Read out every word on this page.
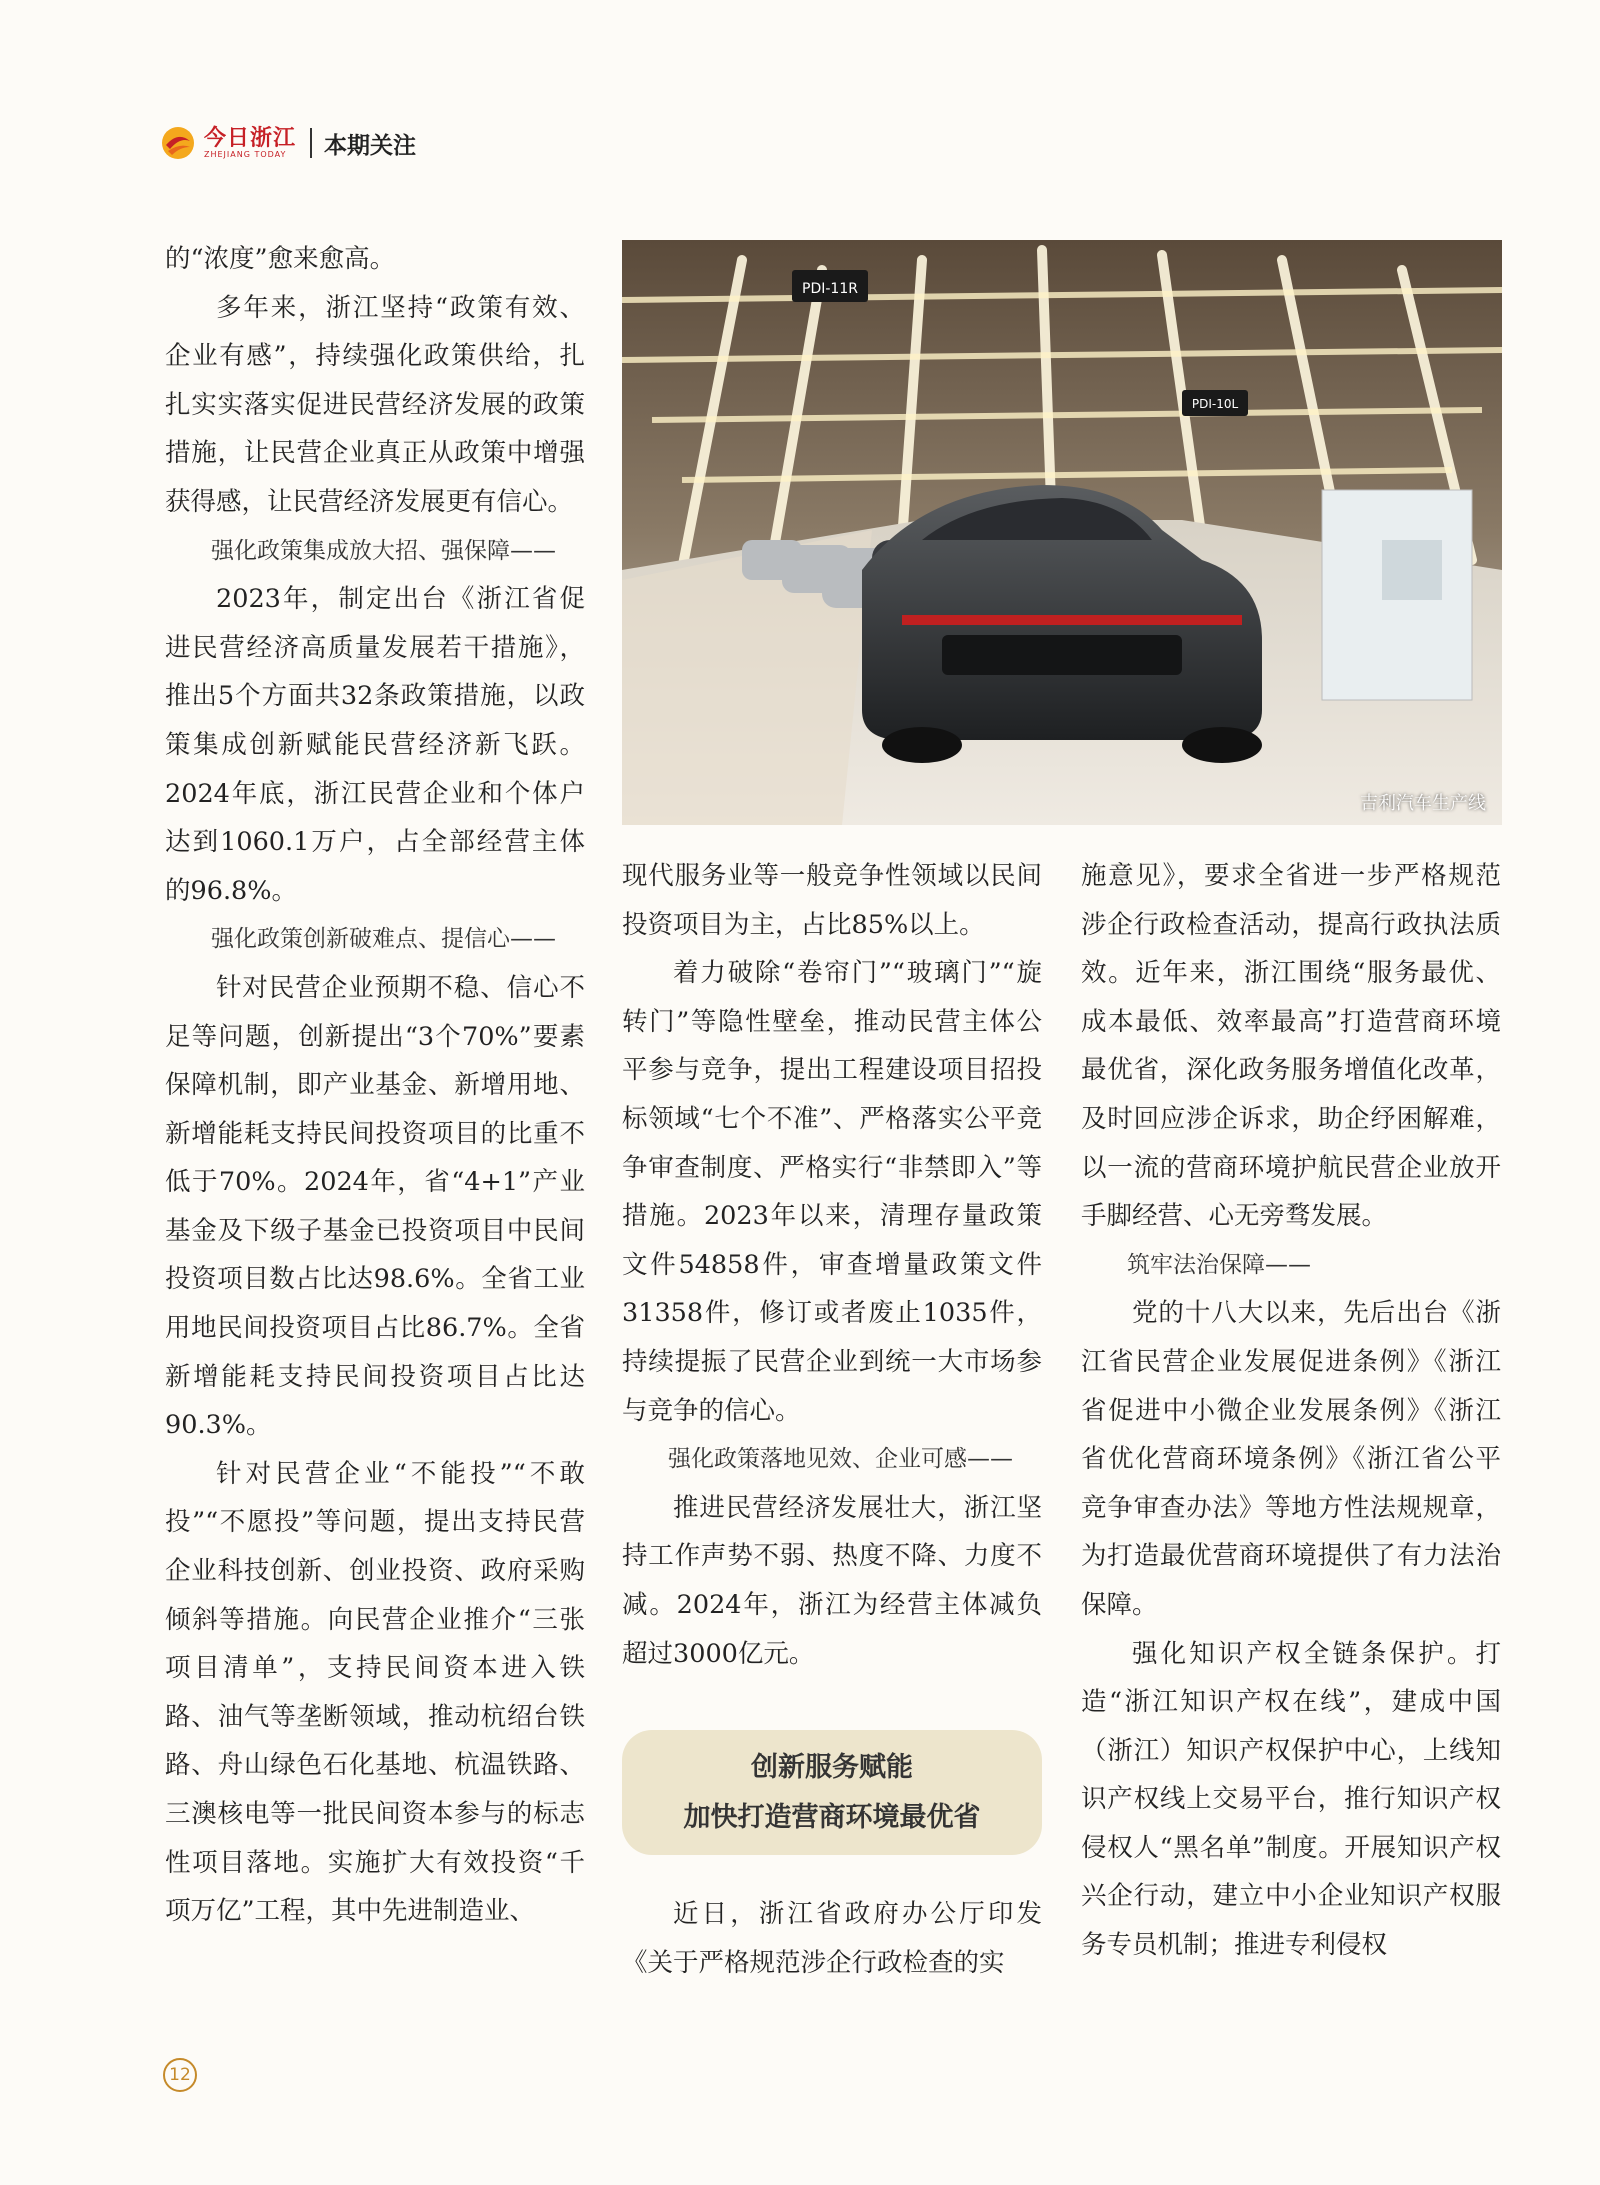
今日浙江
ZHEJIANG TODAY	本期关注

的“浓度”愈来愈高。

多年来，浙江坚持“政策有效、企业有感”，持续强化政策供给，扎扎实实落实促进民营经济发展的政策措施，让民营企业真正从政策中增强获得感，让民营经济发展更有信心。

强化政策集成放大招、强保障——

2023年，制定出台《浙江省促进民营经济高质量发展若干措施》，推出5个方面共32条政策措施，以政策集成创新赋能民营经济新飞跃。2024年底，浙江民营企业和个体户达到1060.1万户，占全部经营主体的96.8%。

强化政策创新破难点、提信心——

针对民营企业预期不稳、信心不足等问题，创新提出“3个70%”要素保障机制，即产业基金、新增用地、新增能耗支持民间投资项目的比重不低于70%。2024年，省“4+1”产业基金及下级子基金已投资项目中民间投资项目数占比达98.6%。全省工业用地民间投资项目占比86.7%。全省新增能耗支持民间投资项目占比达90.3%。

针对民营企业“不能投”“不敢投”“不愿投”等问题，提出支持民营企业科技创新、创业投资、政府采购倾斜等措施。向民营企业推介“三张项目清单”，支持民间资本进入铁路、油气等垄断领域，推动杭绍台铁路、舟山绿色石化基地、杭温铁路、三澳核电等一批民间资本参与的标志性项目落地。实施扩大有效投资“千项万亿”工程，其中先进制造业、

PDI-11R
PDI-10L
吉利汽车生产线

现代服务业等一般竞争性领域以民间投资项目为主，占比85%以上。

着力破除“卷帘门”“玻璃门”“旋转门”等隐性壁垒，推动民营主体公平参与竞争，提出工程建设项目招投标领域“七个不准”、严格落实公平竞争审查制度、严格实行“非禁即入”等措施。2023年以来，清理存量政策文件54858件，审查增量政策文件31358件，修订或者废止1035件，持续提振了民营企业到统一大市场参与竞争的信心。

强化政策落地见效、企业可感——

推进民营经济发展壮大，浙江坚持工作声势不弱、热度不降、力度不减。2024年，浙江为经营主体减负超过3000亿元。

创新服务赋能
加快打造营商环境最优省

近日，浙江省政府办公厅印发《关于严格规范涉企行政检查的实

施意见》，要求全省进一步严格规范涉企行政检查活动，提高行政执法质效。近年来，浙江围绕“服务最优、成本最低、效率最高”打造营商环境最优省，深化政务服务增值化改革，及时回应涉企诉求，助企纾困解难，以一流的营商环境护航民营企业放开手脚经营、心无旁骛发展。

筑牢法治保障——

党的十八大以来，先后出台《浙江省民营企业发展促进条例》《浙江省促进中小微企业发展条例》《浙江省优化营商环境条例》《浙江省公平竞争审查办法》等地方性法规规章，为打造最优营商环境提供了有力法治保障。

强化知识产权全链条保护。打造“浙江知识产权在线”，建成中国（浙江）知识产权保护中心，上线知识产权线上交易平台，推行知识产权侵权人“黑名单”制度。开展知识产权兴企行动，建立中小企业知识产权服务专员机制；推进专利侵权

12
